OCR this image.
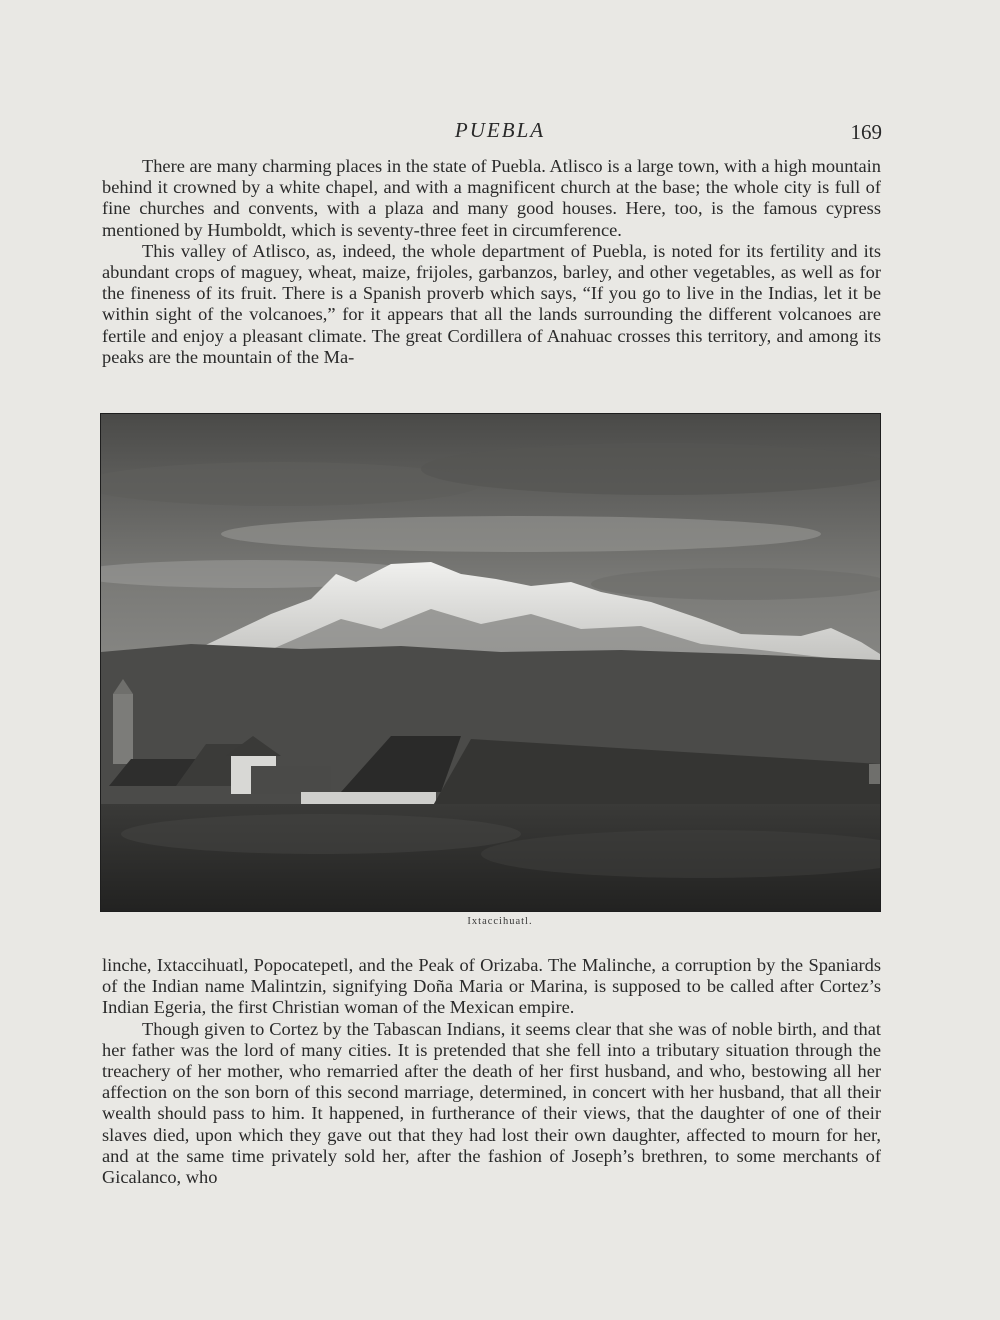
PUEBLA	169

There are many charming places in the state of Puebla. Atlisco is a large town, with a high mountain behind it crowned by a white chapel, and with a magnificent church at the base; the whole city is full of fine churches and convents, with a plaza and many good houses. Here, too, is the famous cypress mentioned by Humboldt, which is seventy-three feet in circumference.

This valley of Atlisco, as, indeed, the whole department of Puebla, is noted for its fertility and its abundant crops of maguey, wheat, maize, frijoles, garbanzos, barley, and other vegetables, as well as for the fineness of its fruit. There is a Spanish proverb which says, “If you go to live in the Indias, let it be within sight of the volcanoes,” for it appears that all the lands surrounding the different volcanoes are fertile and enjoy a pleasant climate. The great Cordillera of Anahuac crosses this territory, and among its peaks are the mountain of the Ma-

Ixtaccihuatl.

linche, Ixtaccihuatl, Popocatepetl, and the Peak of Orizaba. The Malinche, a corruption by the Spaniards of the Indian name Malintzin, signifying Doña Maria or Marina, is supposed to be called after Cortez’s Indian Egeria, the first Christian woman of the Mexican empire.

Though given to Cortez by the Tabascan Indians, it seems clear that she was of noble birth, and that her father was the lord of many cities. It is pretended that she fell into a tributary situation through the treachery of her mother, who remarried after the death of her first husband, and who, bestowing all her affection on the son born of this second marriage, determined, in concert with her husband, that all their wealth should pass to him. It happened, in furtherance of their views, that the daughter of one of their slaves died, upon which they gave out that they had lost their own daughter, affected to mourn for her, and at the same time privately sold her, after the fashion of Joseph’s brethren, to some merchants of Gicalanco, who
